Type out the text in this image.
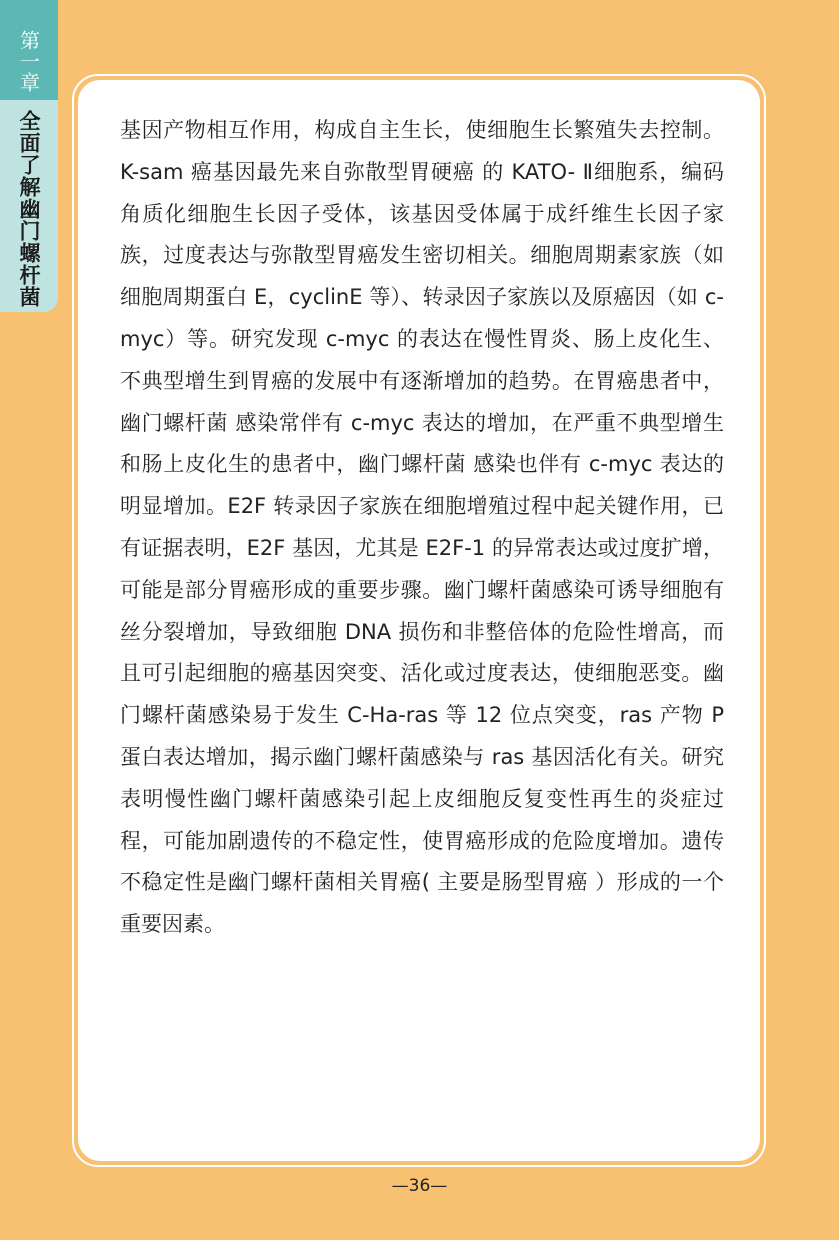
第一章
全面了解幽门螺杆菌	基因产物相互作用，构成自主生长，使细胞生长繁殖失去控制。K-sam 癌基因最先来自弥散型胃硬癌 的 KATO- Ⅱ细胞系，编码角质化细胞生长因子受体，该基因受体属于成纤维生长因子家族，过度表达与弥散型胃癌发生密切相关。细胞周期素家族（如细胞周期蛋白 E，cyclinE 等）、转录因子家族以及原癌因（如 c-myc）等。研究发现 c-myc 的表达在慢性胃炎、肠上皮化生、不典型增生到胃癌的发展中有逐渐增加的趋势。在胃癌患者中，幽门螺杆菌 感染常伴有 c-myc 表达的增加，在严重不典型增生和肠上皮化生的患者中，幽门螺杆菌 感染也伴有 c-myc 表达的明显增加。E2F 转录因子家族在细胞增殖过程中起关键作用，已有证据表明，E2F 基因，尤其是 E2F-1 的异常表达或过度扩增，可能是部分胃癌形成的重要步骤。幽门螺杆菌感染可诱导细胞有丝分裂增加，导致细胞 DNA 损伤和非整倍体的危险性增高，而且可引起细胞的癌基因突变、活化或过度表达，使细胞恶变。幽门螺杆菌感染易于发生 C-Ha-ras 等 12 位点突变，ras 产物 P 蛋白表达增加，揭示幽门螺杆菌感染与 ras 基因活化有关。研究表明慢性幽门螺杆菌感染引起上皮细胞反复变性再生的炎症过程，可能加剧遗传的不稳定性，使胃癌形成的危险度增加。遗传不稳定性是幽门螺杆菌相关胃癌( 主要是肠型胃癌 ）形成的一个重要因素。

—36—
